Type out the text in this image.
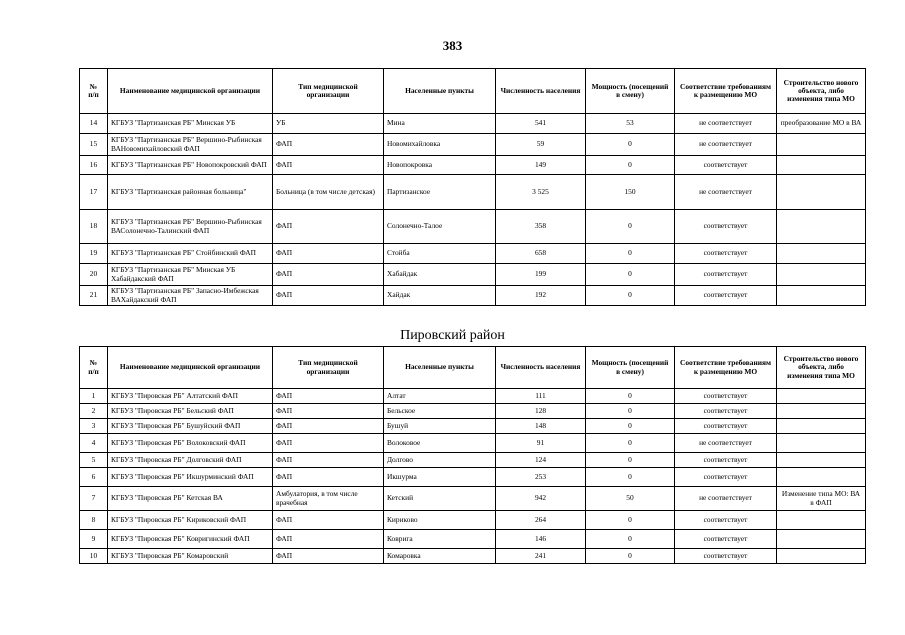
383
№
п/п	Наименование медицинской организации	Тип медицинской организации	Населенные пункты	Численность населения	Мощность (посещений в смену)	Соответствие требованиям к размещению МО	Строительство нового объекта, либо изменения типа МО
14	КГБУЗ "Партизанская РБ" Минская УБ	УБ	Мина	541	53	не соответствует	преобразование МО в ВА
15	КГБУЗ "Партизанская РБ" Вершино-Рыбинская ВАНовомихайловский ФАП	ФАП	Новомихайловка	59	0	не соответствует	
16	КГБУЗ "Партизанская РБ" Новопокровский ФАП	ФАП	Новопокровка	149	0	соответствует	
17	КГБУЗ "Партизанская районная больница"	Больница (в том числе детская)	Партизанское	3 525	150	не соответствует	
18	КГБУЗ "Партизанская РБ" Вершино-Рыбинская ВАСолонечно-Талинский ФАП	ФАП	Солонечно-Талое	358	0	соответствует	
19	КГБУЗ "Партизанская РБ" Стойбинский ФАП	ФАП	Стойба	658	0	соответствует	
20	КГБУЗ "Партизанская РБ" Минская УБ Хабайдакский ФАП	ФАП	Хабайдак	199	0	соответствует	
21	КГБУЗ "Партизанская РБ" Запасно-Имбежская ВАХайдакский ФАП	ФАП	Хайдак	192	0	соответствует	
Пировский район
№
п/п	Наименование медицинской организации	Тип медицинской организации	Населенные пункты	Численность населения	Мощность (посещений в смену)	Соответствие требованиям к размещению МО	Строительство нового объекта, либо изменения типа МО
1	КГБУЗ "Пировская РБ" Алтатский ФАП	ФАП	Алтат	111	0	соответствует	
2	КГБУЗ "Пировская РБ" Бельский ФАП	ФАП	Бельское	128	0	соответствует	
3	КГБУЗ "Пировская РБ" Бушуйский ФАП	ФАП	Бушуй	148	0	соответствует	
4	КГБУЗ "Пировская РБ" Волоковский ФАП	ФАП	Волоковое	91	0	не соответствует	
5	КГБУЗ "Пировская РБ" Долговский ФАП	ФАП	Долгово	124	0	соответствует	
6	КГБУЗ "Пировская РБ" Икшурминский ФАП	ФАП	Икшурма	253	0	соответствует	
7	КГБУЗ "Пировская РБ" Кетская ВА	Амбулатория, в том числе врачебная	Кетский	942	50	не соответствует	Изменение типа МО: ВА в ФАП
8	КГБУЗ "Пировская РБ" Кириковский ФАП	ФАП	Кириково	264	0	соответствует	
9	КГБУЗ "Пировская РБ" Ковригинский ФАП	ФАП	Ковригa	146	0	соответствует	
10	КГБУЗ "Пировская РБ" Комаровский	ФАП	Комаровка	241	0	соответствует	
